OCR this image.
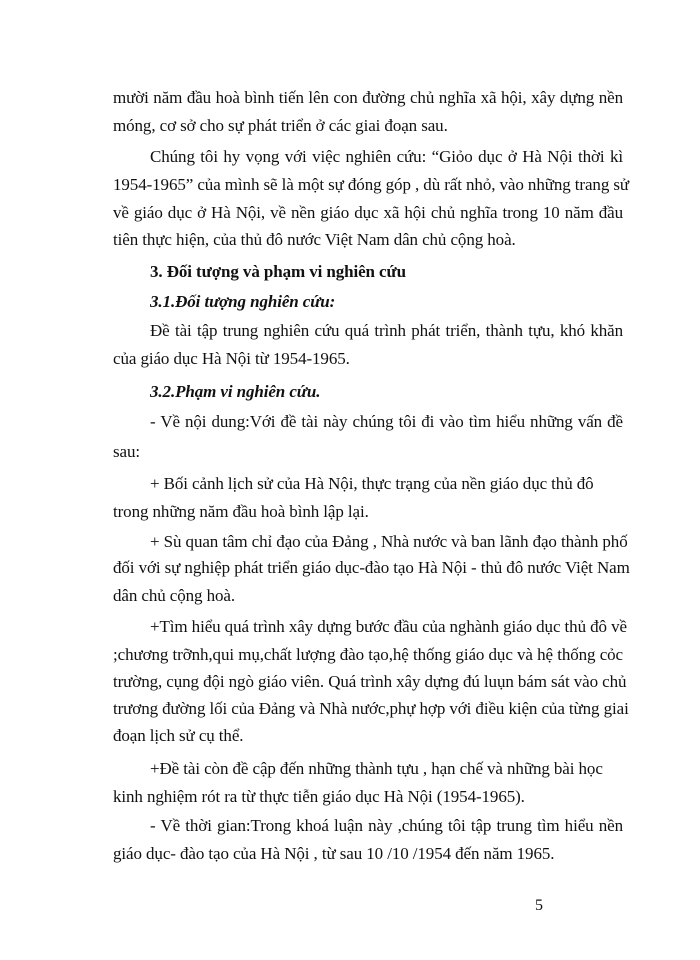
mười năm đầu hoà bình tiến lên con đường chủ nghĩa xã hội, xây dựng nền
móng, cơ sở cho sự phát triển ở các giai đoạn sau.
Chúng tôi hy vọng với việc nghiên cứu: “Giỏo dục ở Hà Nội thời kì
1954-1965” của mình sẽ là một sự đóng góp , dù rất nhỏ, vào những trang sử
về giáo dục ở Hà Nội, về nền giáo dục xã hội chủ nghĩa trong 10 năm đầu
tiên thực hiện, của thủ đô nước Việt Nam dân chủ cộng hoà.
3. Đối tượng và phạm vi nghiên cứu
3.1.Đối tượng nghiên cứu:
Đề tài tập trung nghiên cứu quá trình phát triển, thành tựu, khó khăn
của giáo dục Hà Nội từ 1954-1965.
3.2.Phạm vi nghiên cứu.
- Về nội dung:Với đề tài này chúng tôi đi vào tìm hiểu những vấn đề
sau:
+ Bối cảnh lịch sử của Hà Nội, thực trạng của nền giáo dục thủ đô
trong những năm đầu hoà bình lập lại.
+ Sù quan tâm chỉ đạo của Đảng , Nhà nước và ban lãnh đạo thành phố
đối với sự nghiệp phát triển giáo dục-đào tạo Hà Nội - thủ đô nước Việt Nam
dân chủ cộng hoà.
+Tìm hiểu quá trình xây dựng bước đầu của nghành giáo dục thủ đô về
;chương trỡnh,qui mụ,chất lượng đào tạo,hệ thống giáo dục và hệ thống cỏc
trường, cụng đội ngò giáo viên. Quá trình xây dựng đú luụn bám sát vào chủ
trương đường lối của Đảng và Nhà nước,phự hợp với điều kiện của từng giai
đoạn lịch sử cụ thể.
+Đề tài còn đề cập đến những thành tựu , hạn chế và những bài học
kinh nghiệm rót ra từ thực tiễn giáo dục Hà Nội (1954-1965).
- Về thời gian:Trong khoá luận này ,chúng tôi tập trung tìm hiểu nền
giáo dục- đào tạo của Hà Nội , từ sau 10 /10 /1954 đến năm 1965.
5
